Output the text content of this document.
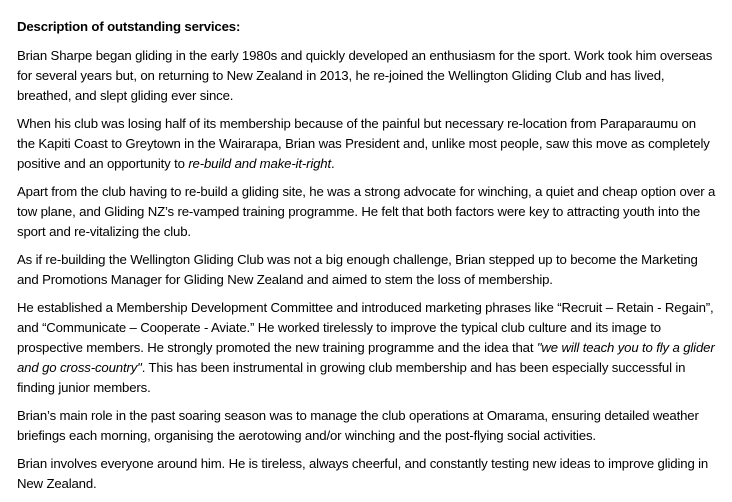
Description of outstanding services:

Brian Sharpe began gliding in the early 1980s and quickly developed an enthusiasm for the sport. Work took him overseas for several years but, on returning to New Zealand in 2013, he re-joined the Wellington Gliding Club and has lived, breathed, and slept gliding ever since.

When his club was losing half of its membership because of the painful but necessary re-location from Paraparaumu on the Kapiti Coast to Greytown in the Wairarapa, Brian was President and, unlike most people, saw this move as completely positive and an opportunity to re-build and make-it-right.

Apart from the club having to re-build a gliding site, he was a strong advocate for winching, a quiet and cheap option over a tow plane, and Gliding NZ’s re-vamped training programme. He felt that both factors were key to attracting youth into the sport and re-vitalizing the club.

As if re-building the Wellington Gliding Club was not a big enough challenge, Brian stepped up to become the Marketing and Promotions Manager for Gliding New Zealand and aimed to stem the loss of membership.

He established a Membership Development Committee and introduced marketing phrases like “Recruit – Retain - Regain”, and “Communicate – Cooperate - Aviate.” He worked tirelessly to improve the typical club culture and its image to prospective members. He strongly promoted the new training programme and the idea that "we will teach you to fly a glider and go cross-country". This has been instrumental in growing club membership and has been especially successful in finding junior members.

Brian’s main role in the past soaring season was to manage the club operations at Omarama, ensuring detailed weather briefings each morning, organising the aerotowing and/or winching and the post-flying social activities.

Brian involves everyone around him. He is tireless, always cheerful, and constantly testing new ideas to improve gliding in New Zealand.
